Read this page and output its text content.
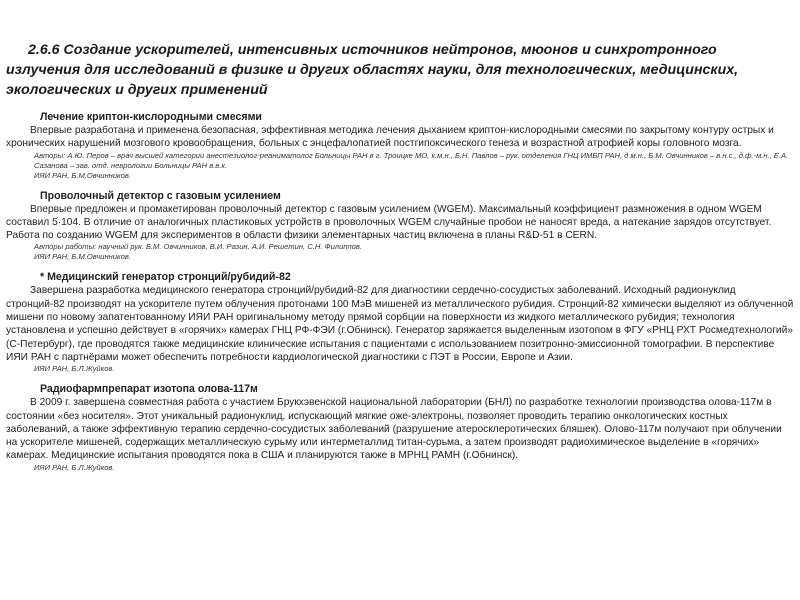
2.6.6 Создание ускорителей, интенсивных источников нейтронов, мюонов и синхротронного излучения для исследований в физике и других областях науки, для технологических, медицинских, экологических и других применений
Лечение криптон-кислородными смесями

Впервые разработана и применена безопасная, эффективная методика лечения дыханием криптон-кислородными смесями по закрытому контуру острых и хронических нарушений мозгового кровообращения, больных с энцефалопатией постгипоксического генеза и возрастной атрофией коры головного мозга.

Авторы: А.Ю. Перов – врач высшей категории анестезиолог-реаниматолог Больницы РАН в г. Троицке МО, к.м.н., Б.Н. Павлов – рук. отделения ГНЦ ИМБП РАН, д.м.н., Б.М. Овчинников – в.н.с., д.ф.-м.н., Е.А. Сазанова – зав. отд. неврологии Больницы РАН в.в.к.

ИЯИ РАН, Б.М.Овчинников.

Проволочный детектор с газовым усилением

Впервые предложен и промакетирован проволочный детектор с газовым усилением (WGEM). Максимальный коэффициент размножения в одном WGEM составил 5·104. В отличие от аналогичных пластиковых устройств в проволочных WGEM случайные пробои не наносят вреда, а натекание зарядов отсутствует. Работа по созданию WGEM для экспериментов в области физики элементарных частиц включена в планы R&D-51 в CERN.

Авторы работы: научный рук. Б.М. Овчинников, В.И. Разин, А.И. Решетин, С.Н. Филиппов.

ИЯИ РАН, Б.М.Овчинников.

* Медицинский генератор стронций/рубидий-82

Завершена разработка медицинского генератора стронций/рубидий-82 для диагностики сердечно-сосудистых заболеваний. Исходный радионуклид стронций-82 производят на ускорителе путем облучения протонами 100 МэВ мишеней из металлического рубидия. Стронций-82 химически выделяют из облученной мишени по новому запатентованному ИЯИ РАН оригинальному методу прямой сорбции на поверхности из жидкого металлического рубидия; технология установлена и успешно действует в «горячих» камерах ГНЦ РФ-ФЭИ (г.Обнинск). Генератор заряжается выделенным изотопом в ФГУ «РНЦ РХТ Росмедтехнологий» (С-Петербург), где проводятся также медицинские клинические испытания с пациентами с использованием позитронно-эмиссионной томографии. В перспективе ИЯИ РАН с партнёрами может обеспечить потребности кардиологической диагностики с ПЭТ в России, Европе и Азии.

ИЯИ РАН, Б.Л.Жуйков.

Радиофармпрепарат изотопа олова-117м

В 2009 г. завершена совместная работа с участием Брукхэвенской национальной лаборатории (БНЛ) по разработке технологии производства олова-117м в состоянии «без носителя». Этот уникальный радионуклид, испускающий мягкие оже-электроны, позволяет проводить терапию онкологических костных заболеваний, а также эффективную терапию сердечно-сосудистых заболеваний (разрушение атеросклеротических бляшек). Олово-117м получают при облучении на ускорителе мишеней, содержащих металлическую сурьму или интерметаллид титан-сурьма, а затем производят радиохимическое выделение в «горячих» камерах. Медицинские испытания проводятся пока в США и планируются также в МРНЦ РАМН (г.Обнинск).

ИЯИ РАН, Б.Л.Жуйков.
